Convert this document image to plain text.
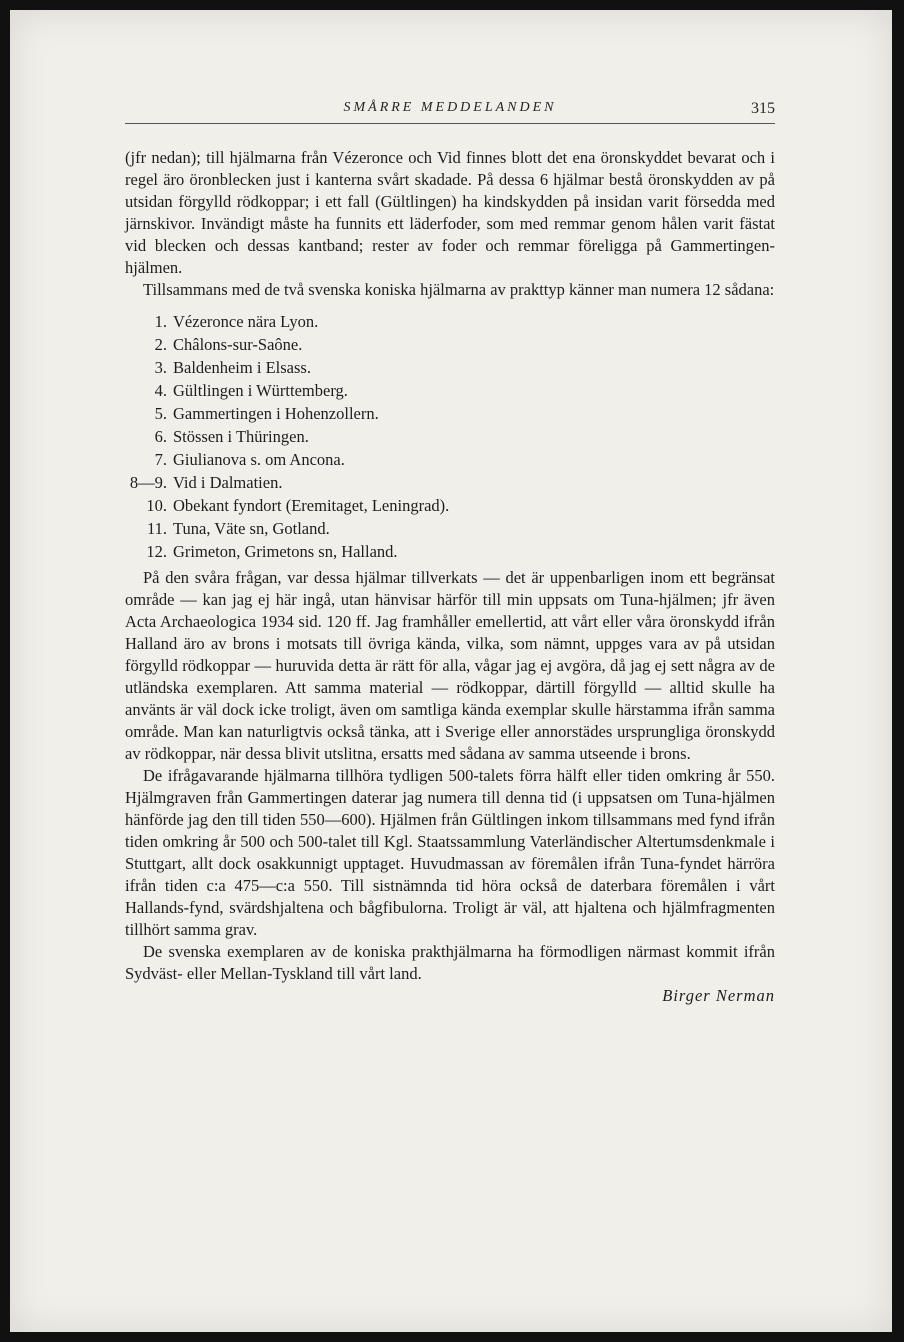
SMÅRRE MEDDELANDEN	315

(jfr nedan); till hjälmarna från Vézeronce och Vid finnes blott det ena öronskyddet bevarat och i regel äro öronblecken just i kanterna svårt skadade. På dessa 6 hjälmar bestå öronskydden av på utsidan förgylld rödkoppar; i ett fall (Gültlingen) ha kindskydden på insidan varit försedda med järnskivor. Invändigt måste ha funnits ett läderfoder, som med remmar genom hålen varit fästat vid blecken och dessas kantband; rester av foder och remmar föreligga på Gammertingen-hjälmen.

Tillsammans med de två svenska koniska hjälmarna av prakttyp känner man numera 12 sådana:

1. Vézeronce nära Lyon.
2. Châlons-sur-Saône.
3. Baldenheim i Elsass.
4. Gültlingen i Württemberg.
5. Gammertingen i Hohenzollern.
6. Stössen i Thüringen.
7. Giulianova s. om Ancona.
8—9. Vid i Dalmatien.
10. Obekant fyndort (Eremitaget, Leningrad).
11. Tuna, Väte sn, Gotland.
12. Grimeton, Grimetons sn, Halland.

På den svåra frågan, var dessa hjälmar tillverkats — det är uppenbarligen inom ett begränsat område — kan jag ej här ingå, utan hänvisar härför till min uppsats om Tuna-hjälmen; jfr även Acta Archaeologica 1934 sid. 120 ff. Jag framhåller emellertid, att vårt eller våra öronskydd ifrån Halland äro av brons i motsats till övriga kända, vilka, som nämnt, uppges vara av på utsidan förgylld rödkoppar — huruvida detta är rätt för alla, vågar jag ej avgöra, då jag ej sett några av de utländska exemplaren. Att samma material — rödkoppar, därtill förgylld — alltid skulle ha använts är väl dock icke troligt, även om samtliga kända exemplar skulle härstamma ifrån samma område. Man kan naturligtvis också tänka, att i Sverige eller annorstädes ursprungliga öronskydd av rödkoppar, när dessa blivit utslitna, ersatts med sådana av samma utseende i brons.

De ifrågavarande hjälmarna tillhöra tydligen 500-talets förra hälft eller tiden omkring år 550. Hjälmgraven från Gammertingen daterar jag numera till denna tid (i uppsatsen om Tuna-hjälmen hänförde jag den till tiden 550—600). Hjälmen från Gültlingen inkom tillsammans med fynd ifrån tiden omkring år 500 och 500-talet till Kgl. Staatssammlung Vaterländischer Altertumsdenkmale i Stuttgart, allt dock osakkunnigt upptaget. Huvudmassan av föremålen ifrån Tuna-fyndet härröra ifrån tiden c:a 475—c:a 550. Till sistnämnda tid höra också de daterbara föremålen i vårt Hallands-fynd, svärdshjaltena och bågfibulorna. Troligt är väl, att hjaltena och hjälmfragmenten tillhört samma grav.

De svenska exemplaren av de koniska prakthjälmarna ha förmodligen närmast kommit ifrån Sydväst- eller Mellan-Tyskland till vårt land.

Birger Nerman
